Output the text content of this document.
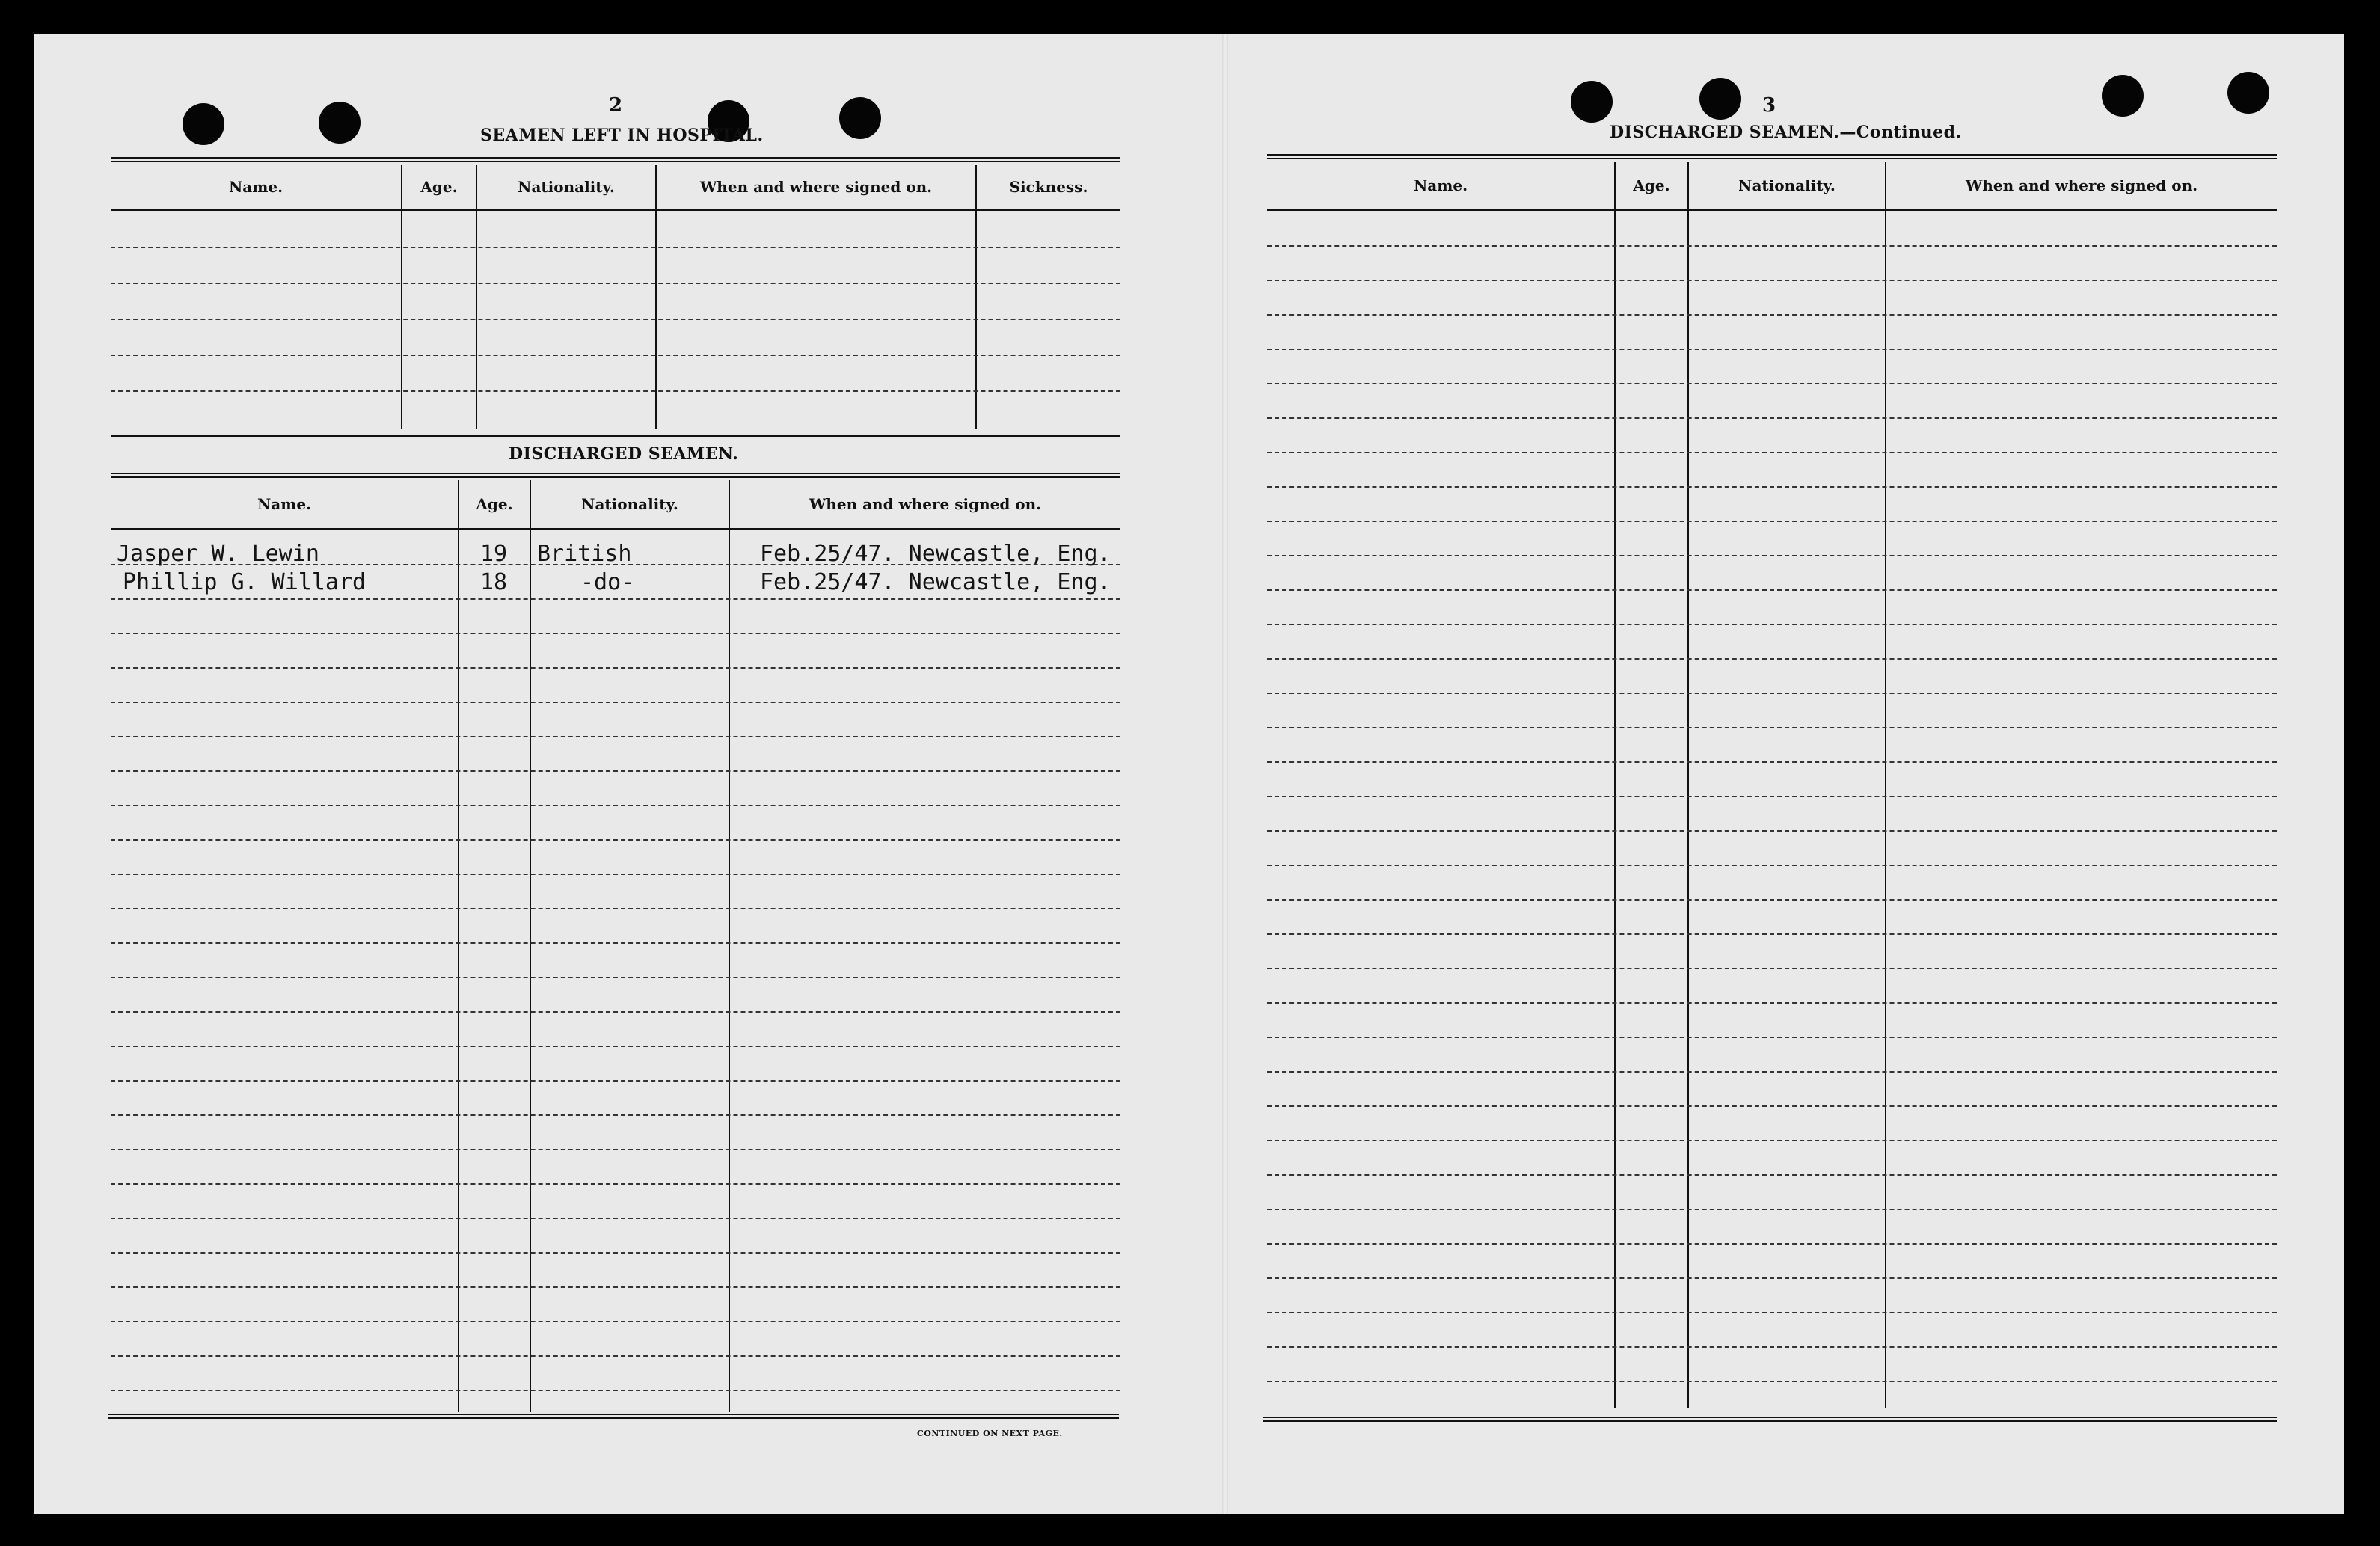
2
SEAMEN LEFT IN HOSPITAL.
Name.	Age.	Nationality.	When and where signed on.	Sickness.
DISCHARGED SEAMEN.
Name.	Age.	Nationality.	When and where signed on.
Jasper W. Lewin	19 British	Feb.25/47. Newcastle, Eng.
Phillip G. Willard	18	-do-	Feb.25/47. Newcastle, Eng.
CONTINUED ON NEXT PAGE.
3
DISCHARGED SEAMEN.—Continued.
Name.	Age.	Nationality.	When and where signed on.
